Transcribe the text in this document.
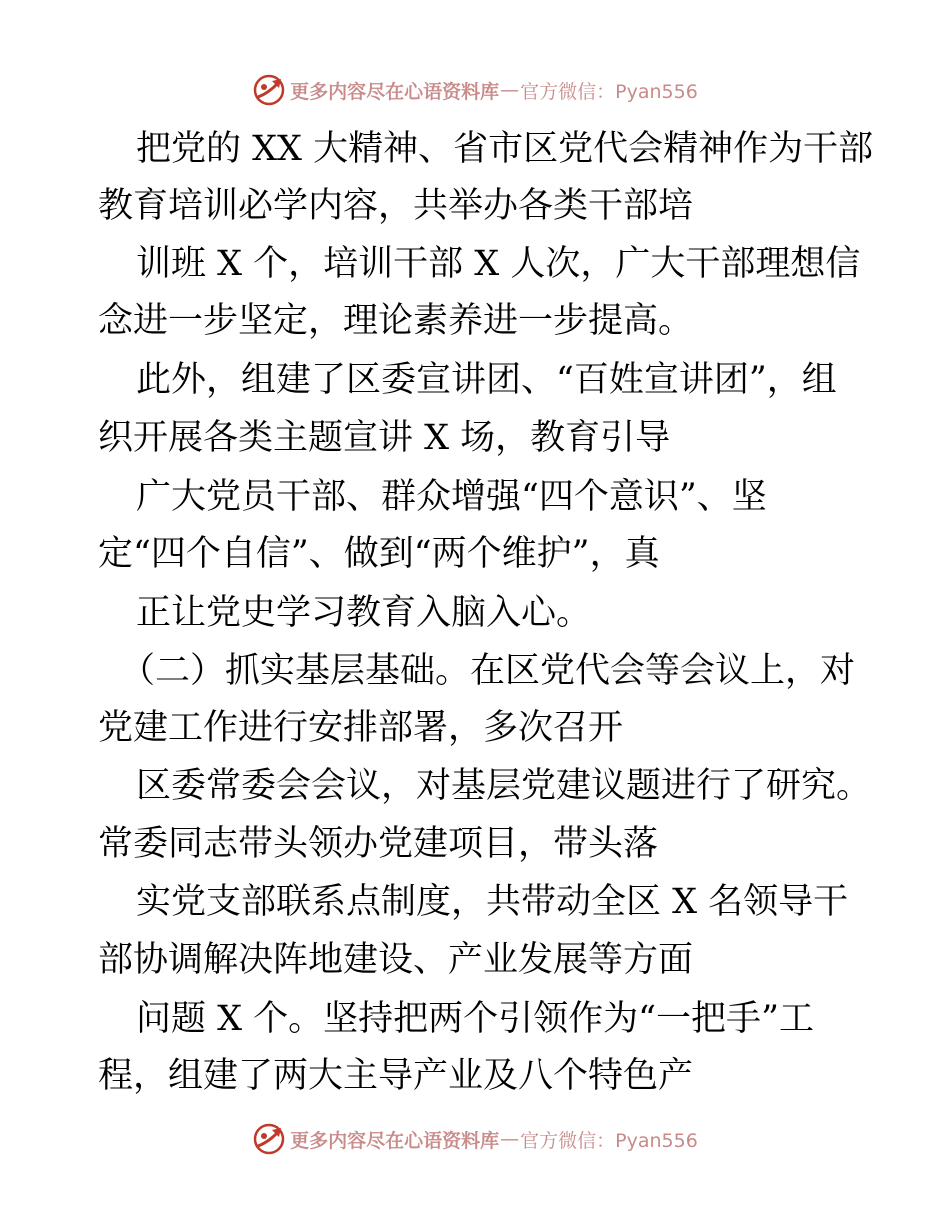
更多内容尽在心语资料库 — 官方微信：Pyan556
把党的 XX 大精神、省市区党代会精神作为干部
教育培训必学内容，共举办各类干部培
训班 X 个，培训干部 X 人次，广大干部理想信
念进一步坚定，理论素养进一步提高。
此外，组建了区委宣讲团、“百姓宣讲团”，组
织开展各类主题宣讲 X 场，教育引导
广大党员干部、群众增强“四个意识”、坚
定“四个自信”、做到“两个维护”，真
正让党史学习教育入脑入心。
（二）抓实基层基础。在区党代会等会议上，对
党建工作进行安排部署，多次召开
区委常委会会议，对基层党建议题进行了研究。
常委同志带头领办党建项目，带头落
实党支部联系点制度，共带动全区 X 名领导干
部协调解决阵地建设、产业发展等方面
问题 X 个。坚持把两个引领作为“一把手”工
程，组建了两大主导产业及八个特色产
更多内容尽在心语资料库 — 官方微信：Pyan556
